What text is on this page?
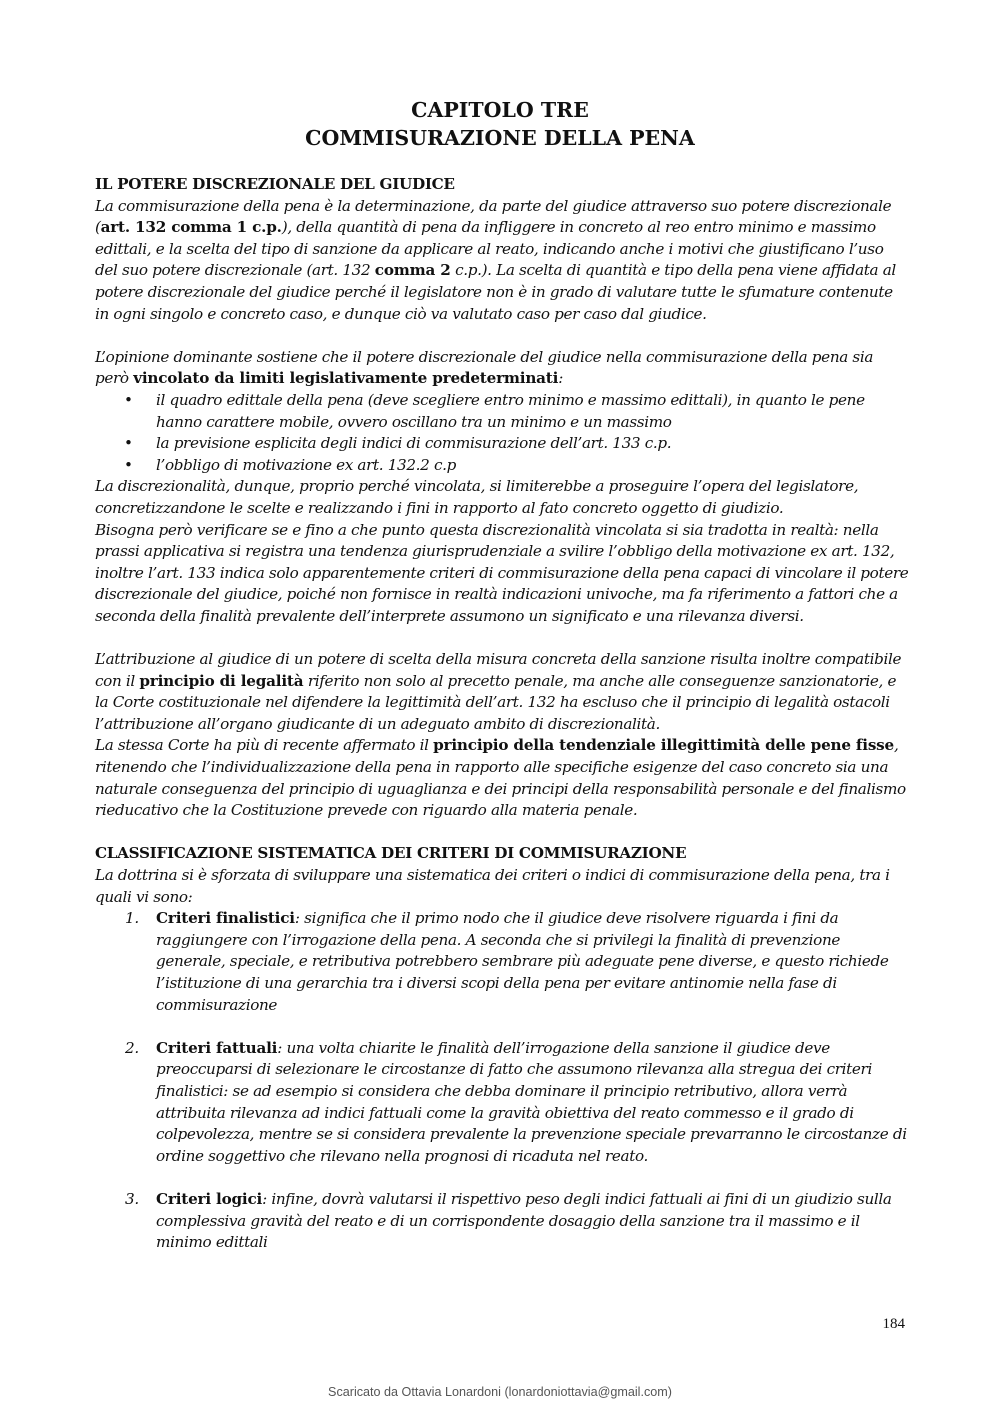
CAPITOLO TRE
COMMISURAZIONE DELLA PENA
IL POTERE DISCREZIONALE DEL GIUDICE

La commisurazione della pena è la determinazione, da parte del giudice attraverso suo potere discrezionale (art. 132 comma 1 c.p.), della quantità di pena da infliggere in concreto al reo entro minimo e massimo edittali, e la scelta del tipo di sanzione da applicare al reato, indicando anche i motivi che giustificano l’uso del suo potere discrezionale (art. 132 comma 2 c.p.). La scelta di quantità e tipo della pena viene affidata al potere discrezionale del giudice perché il legislatore non è in grado di valutare tutte le sfumature contenute in ogni singolo e concreto caso, e dunque ciò va valutato caso per caso dal giudice.

L’opinione dominante sostiene che il potere discrezionale del giudice nella commisurazione della pena sia però vincolato da limiti legislativamente predeterminati:

• il quadro edittale della pena (deve scegliere entro minimo e massimo edittali), in quanto le pene hanno carattere mobile, ovvero oscillano tra un minimo e un massimo
• la previsione esplicita degli indici di commisurazione dell’art. 133 c.p.
• l’obbligo di motivazione ex art. 132.2 c.p

La discrezionalità, dunque, proprio perché vincolata, si limiterebbe a proseguire l’opera del legislatore, concretizzandone le scelte e realizzando i fini in rapporto al fato concreto oggetto di giudizio.

Bisogna però verificare se e fino a che punto questa discrezionalità vincolata si sia tradotta in realtà: nella prassi applicativa si registra una tendenza giurisprudenziale a svilire l’obbligo della motivazione ex art. 132, inoltre l’art. 133 indica solo apparentemente criteri di commisurazione della pena capaci di vincolare il potere discrezionale del giudice, poiché non fornisce in realtà indicazioni univoche, ma fa riferimento a fattori che a seconda della finalità prevalente dell’interprete assumono un significato e una rilevanza diversi.

L’attribuzione al giudice di un potere di scelta della misura concreta della sanzione risulta inoltre compatibile con il principio di legalità riferito non solo al precetto penale, ma anche alle conseguenze sanzionatorie, e la Corte costituzionale nel difendere la legittimità dell’art. 132 ha escluso che il principio di legalità ostacoli l’attribuzione all’organo giudicante di un adeguato ambito di discrezionalità.

La stessa Corte ha più di recente affermato il principio della tendenziale illegittimità delle pene fisse, ritenendo che l’individualizzazione della pena in rapporto alle specifiche esigenze del caso concreto sia una naturale conseguenza del principio di uguaglianza e dei principi della responsabilità personale e del finalismo rieducativo che la Costituzione prevede con riguardo alla materia penale.

CLASSIFICAZIONE SISTEMATICA DEI CRITERI DI COMMISURAZIONE

La dottrina si è sforzata di sviluppare una sistematica dei criteri o indici di commisurazione della pena, tra i quali vi sono:

1. Criteri finalistici: significa che il primo nodo che il giudice deve risolvere riguarda i fini da raggiungere con l’irrogazione della pena. A seconda che si privilegi la finalità di prevenzione generale, speciale, e retributiva potrebbero sembrare più adeguate pene diverse, e questo richiede l’istituzione di una gerarchia tra i diversi scopi della pena per evitare antinomie nella fase di commisurazione
2. Criteri fattuali: una volta chiarite le finalità dell’irrogazione della sanzione il giudice deve preoccuparsi di selezionare le circostanze di fatto che assumono rilevanza alla stregua dei criteri finalistici: se ad esempio si considera che debba dominare il principio retributivo, allora verrà attribuita rilevanza ad indici fattuali come la gravità obiettiva del reato commesso e il grado di colpevolezza, mentre se si considera prevalente la prevenzione speciale prevarranno le circostanze di ordine soggettivo che rilevano nella prognosi di ricaduta nel reato.
3. Criteri logici: infine, dovrà valutarsi il rispettivo peso degli indici fattuali ai fini di un giudizio sulla complessiva gravità del reato e di un corrispondente dosaggio della sanzione tra il massimo e il minimo edittali
184
Scaricato da Ottavia Lonardoni (lonardoniottavia@gmail.com)
